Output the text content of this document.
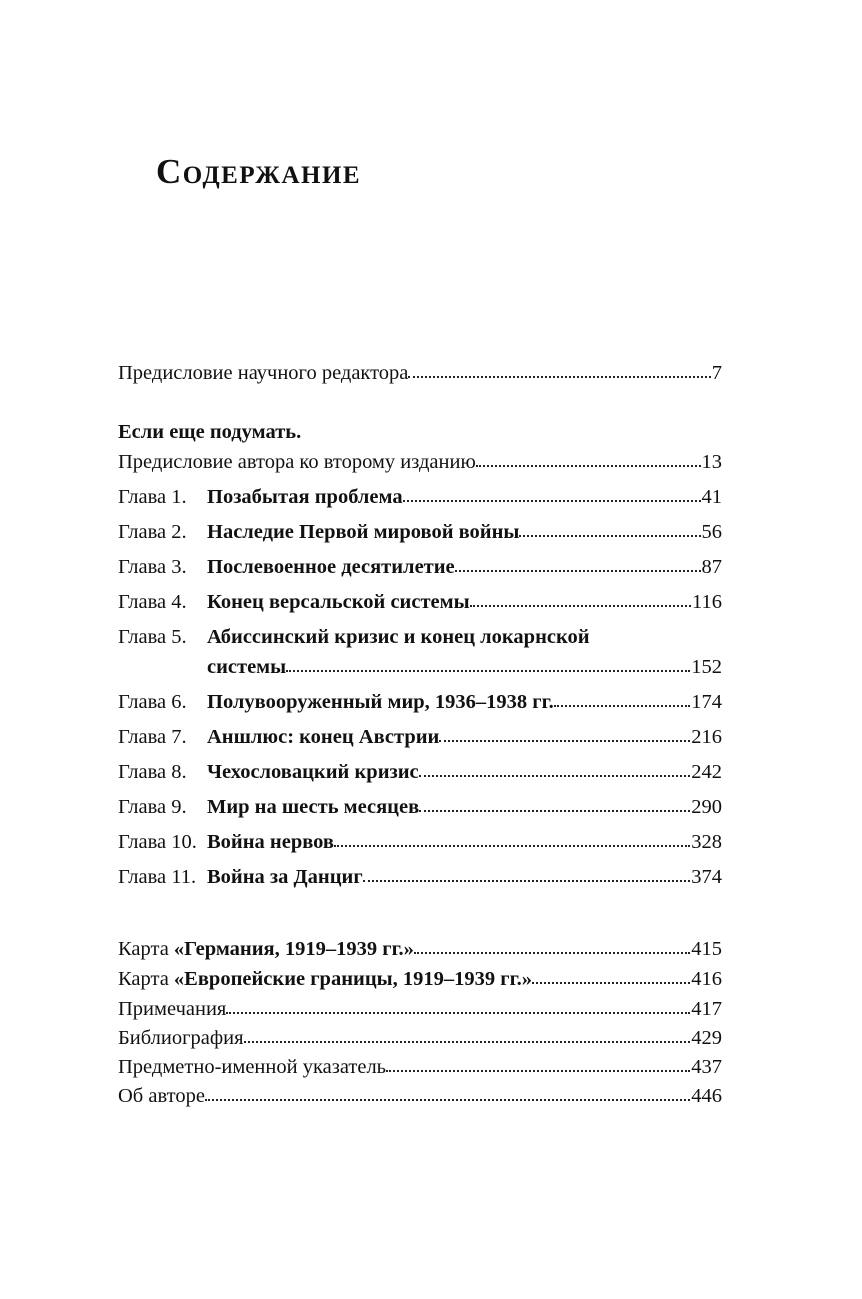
Содержание
Предисловие научного редактора	7
Если еще подумать.
Предисловие автора ко второму изданию	13
Глава 1. Позабытая проблема	41
Глава 2. Наследие Первой мировой войны	56
Глава 3. Послевоенное десятилетие	87
Глава 4. Конец версальской системы	116
Глава 5. Абиссинский кризис и конец локарнской
системы	152
Глава 6. Полувооруженный мир, 1936–1938 гг.	174
Глава 7. Аншлюс: конец Австрии	216
Глава 8. Чехословацкий кризис	242
Глава 9. Мир на шесть месяцев	290
Глава 10. Война нервов	328
Глава 11. Война за Данциг	374
Карта «Германия, 1919–1939 гг.»	415
Карта «Европейские границы, 1919–1939 гг.»	416
Примечания	417
Библиография	429
Предметно-именной указатель	437
Об авторе	446
